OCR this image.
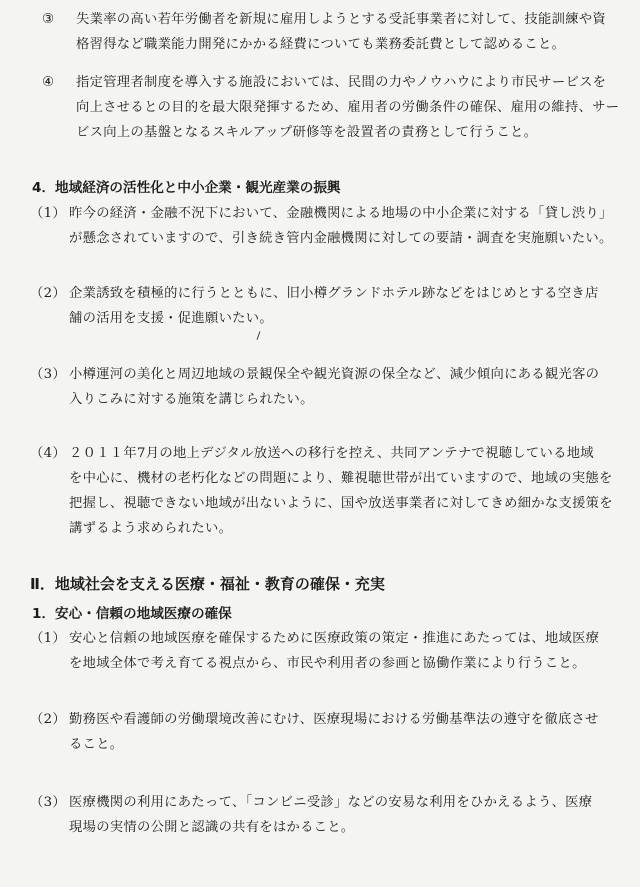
③	失業率の高い若年労働者を新規に雇用しようとする受託事業者に対して、技能訓練や資
格習得など職業能力開発にかかる経費についても業務委託費として認めること。
④	指定管理者制度を導入する施設においては、民間の力やノウハウにより市民サービスを
向上させるとの目的を最大限発揮するため、雇用者の労働条件の確保、雇用の維持、サー
ビス向上の基盤となるスキルアップ研修等を設置者の責務として行うこと。
4．地域経済の活性化と中小企業・観光産業の振興
（1） 昨今の経済・金融不況下において、金融機関による地場の中小企業に対する「貸し渋り」
が懸念されていますので、引き続き管内金融機関に対しての要請・調査を実施願いたい。
（2） 企業誘致を積極的に行うとともに、旧小樽グランドホテル跡などをはじめとする空き店
舗の活用を支援・促進願いたい。
（3） 小樽運河の美化と周辺地域の景観保全や観光資源の保全など、減少傾向にある観光客の
入りこみに対する施策を講じられたい。
（4） ２０１１年7月の地上デジタル放送への移行を控え、共同アンテナで視聴している地域
を中心に、機材の老朽化などの問題により、難視聴世帯が出ていますので、地域の実態を
把握し、視聴できない地域が出ないように、国や放送事業者に対してきめ細かな支援策を
講ずるよう求められたい。
Ⅱ．地域社会を支える医療・福祉・教育の確保・充実
1．安心・信頼の地域医療の確保
（1） 安心と信頼の地域医療を確保するために医療政策の策定・推進にあたっては、地域医療
を地域全体で考え育てる視点から、市民や利用者の参画と協働作業により行うこと。
（2） 勤務医や看護師の労働環境改善にむけ、医療現場における労働基準法の遵守を徹底させ
ること。
（3） 医療機関の利用にあたって、「コンビニ受診」などの安易な利用をひかえるよう、医療
現場の実情の公開と認識の共有をはかること。
